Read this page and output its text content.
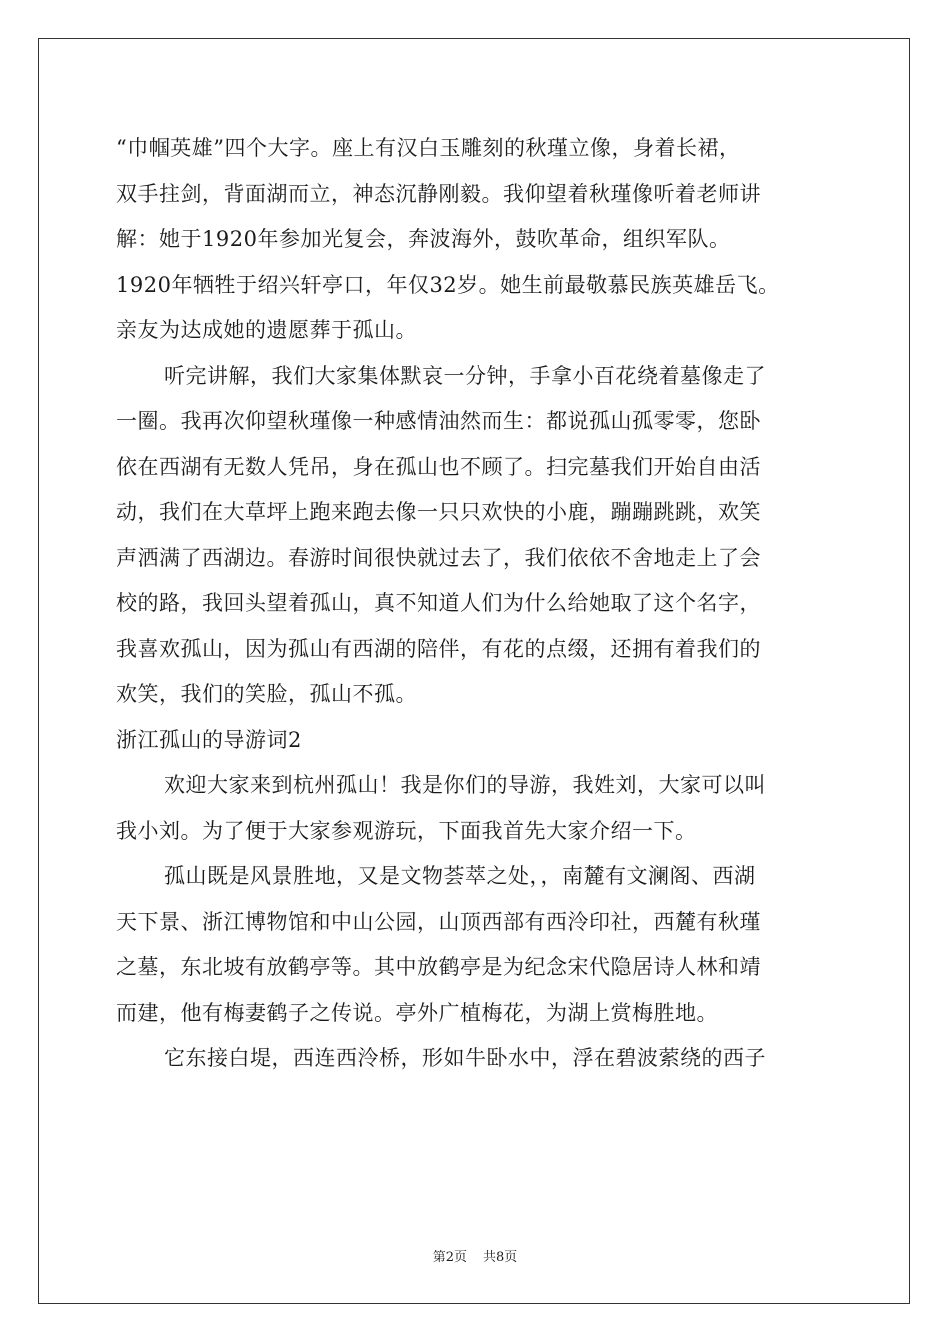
“巾帼英雄”四个大字。座上有汉白玉雕刻的秋瑾立像，身着长裙，
双手拄剑，背面湖而立，神态沉静刚毅。我仰望着秋瑾像听着老师讲
解：她于1920年参加光复会，奔波海外，鼓吹革命，组织军队。
1920年牺牲于绍兴轩亭口，年仅32岁。她生前最敬慕民族英雄岳飞。
亲友为达成她的遗愿葬于孤山。
听完讲解，我们大家集体默哀一分钟，手拿小百花绕着墓像走了
一圈。我再次仰望秋瑾像一种感情油然而生：都说孤山孤零零，您卧
依在西湖有无数人凭吊，身在孤山也不顾了。扫完墓我们开始自由活
动，我们在大草坪上跑来跑去像一只只欢快的小鹿，蹦蹦跳跳，欢笑
声洒满了西湖边。春游时间很快就过去了，我们依依不舍地走上了会
校的路，我回头望着孤山，真不知道人们为什么给她取了这个名字，
我喜欢孤山，因为孤山有西湖的陪伴，有花的点缀，还拥有着我们的
欢笑，我们的笑脸，孤山不孤。
浙江孤山的导游词2
欢迎大家来到杭州孤山！我是你们的导游，我姓刘，大家可以叫
我小刘。为了便于大家参观游玩，下面我首先大家介绍一下。
孤山既是风景胜地，又是文物荟萃之处，，南麓有文澜阁、西湖
天下景、浙江博物馆和中山公园，山顶西部有西泠印社，西麓有秋瑾
之墓，东北坡有放鹤亭等。其中放鹤亭是为纪念宋代隐居诗人林和靖
而建，他有梅妻鹤子之传说。亭外广植梅花，为湖上赏梅胜地。
它东接白堤，西连西泠桥，形如牛卧水中，浮在碧波萦绕的西子
第2页 共8页
